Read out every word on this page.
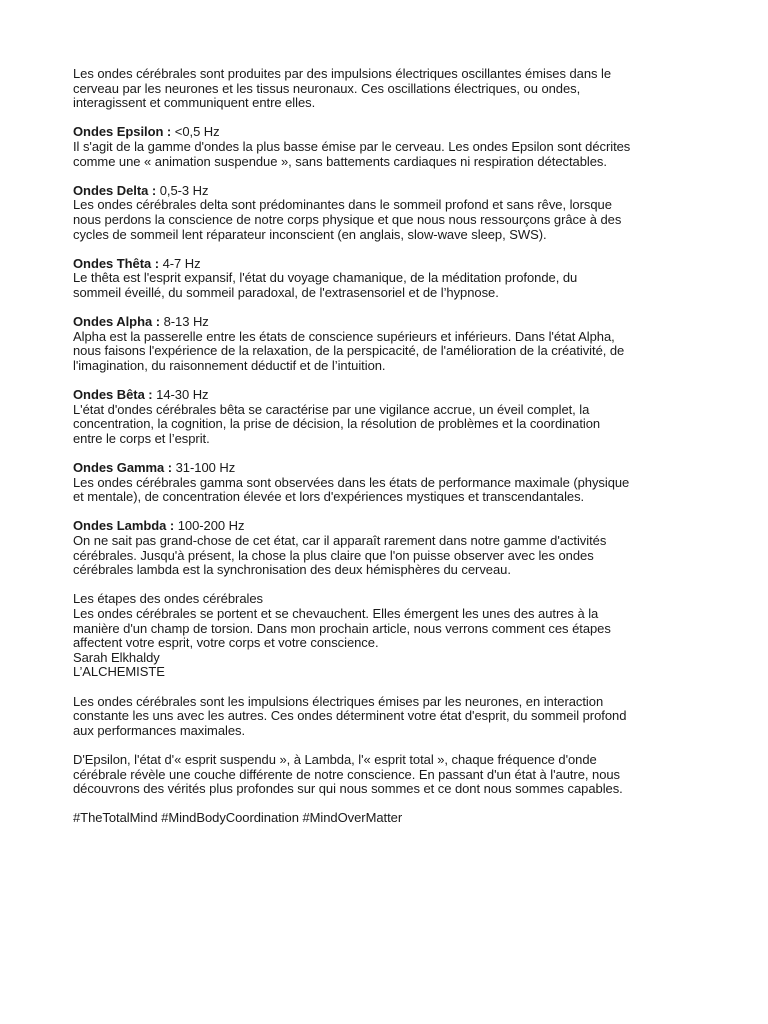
Les ondes cérébrales sont produites par des impulsions électriques oscillantes émises dans le
cerveau par les neurones et les tissus neuronaux. Ces oscillations électriques, ou ondes,
interagissent et communiquent entre elles.
Ondes Epsilon : <0,5 Hz
Il s'agit de la gamme d'ondes la plus basse émise par le cerveau. Les ondes Epsilon sont décrites
comme une « animation suspendue », sans battements cardiaques ni respiration détectables.
Ondes Delta : 0,5-3 Hz
Les ondes cérébrales delta sont prédominantes dans le sommeil profond et sans rêve, lorsque
nous perdons la conscience de notre corps physique et que nous nous ressourçons grâce à des
cycles de sommeil lent réparateur inconscient (en anglais, slow-wave sleep, SWS).
Ondes Thêta : 4-7 Hz
Le thêta est l'esprit expansif, l'état du voyage chamanique, de la méditation profonde, du
sommeil éveillé, du sommeil paradoxal, de l'extrasensoriel et de l’hypnose.
Ondes Alpha : 8-13 Hz
Alpha est la passerelle entre les états de conscience supérieurs et inférieurs. Dans l'état Alpha,
nous faisons l'expérience de la relaxation, de la perspicacité, de l'amélioration de la créativité, de
l'imagination, du raisonnement déductif et de l’intuition.
Ondes Bêta : 14-30 Hz
L'état d'ondes cérébrales bêta se caractérise par une vigilance accrue, un éveil complet, la
concentration, la cognition, la prise de décision, la résolution de problèmes et la coordination
entre le corps et l’esprit.
Ondes Gamma : 31-100 Hz
Les ondes cérébrales gamma sont observées dans les états de performance maximale (physique
et mentale), de concentration élevée et lors d'expériences mystiques et transcendantales.
Ondes Lambda : 100-200 Hz
On ne sait pas grand-chose de cet état, car il apparaît rarement dans notre gamme d'activités
cérébrales. Jusqu'à présent, la chose la plus claire que l'on puisse observer avec les ondes
cérébrales lambda est la synchronisation des deux hémisphères du cerveau.
Les étapes des ondes cérébrales
Les ondes cérébrales se portent et se chevauchent. Elles émergent les unes des autres à la
manière d'un champ de torsion. Dans mon prochain article, nous verrons comment ces étapes
affectent votre esprit, votre corps et votre conscience.
Sarah Elkhaldy
L’ALCHEMISTE
Les ondes cérébrales sont les impulsions électriques émises par les neurones, en interaction
constante les uns avec les autres. Ces ondes déterminent votre état d'esprit, du sommeil profond
aux performances maximales.
D'Epsilon, l'état d'« esprit suspendu », à Lambda, l'« esprit total », chaque fréquence d'onde
cérébrale révèle une couche différente de notre conscience. En passant d'un état à l'autre, nous
découvrons des vérités plus profondes sur qui nous sommes et ce dont nous sommes capables.
#TheTotalMind #MindBodyCoordination #MindOverMatter
